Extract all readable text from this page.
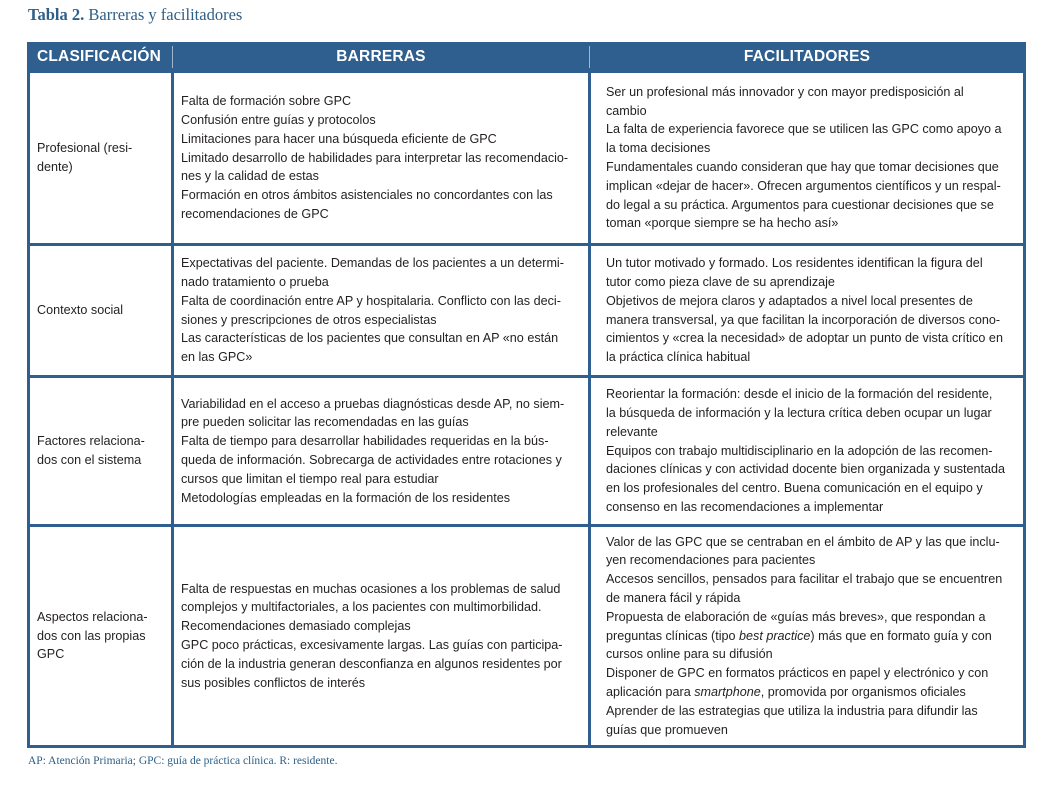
Tabla 2. Barreras y facilitadores
CLASIFICACIÓN	BARRERAS	FACILITADORES
Profesional (resi-
dente)
Falta de formación sobre GPC
Confusión entre guías y protocolos
Limitaciones para hacer una búsqueda eficiente de GPC
Limitado desarrollo de habilidades para interpretar las recomendacio-
nes y la calidad de estas
Formación en otros ámbitos asistenciales no concordantes con las
recomendaciones de GPC
Ser un profesional más innovador y con mayor predisposición al
cambio
La falta de experiencia favorece que se utilicen las GPC como apoyo a
la toma decisiones
Fundamentales cuando consideran que hay que tomar decisiones que
implican «dejar de hacer». Ofrecen argumentos científicos y un respal-
do legal a su práctica. Argumentos para cuestionar decisiones que se
toman «porque siempre se ha hecho así»
Contexto social
Expectativas del paciente. Demandas de los pacientes a un determi-
nado tratamiento o prueba
Falta de coordinación entre AP y hospitalaria. Conflicto con las deci-
siones y prescripciones de otros especialistas
Las características de los pacientes que consultan en AP «no están
en las GPC»
Un tutor motivado y formado. Los residentes identifican la figura del
tutor como pieza clave de su aprendizaje
Objetivos de mejora claros y adaptados a nivel local presentes de
manera transversal, ya que facilitan la incorporación de diversos cono-
cimientos y «crea la necesidad» de adoptar un punto de vista crítico en
la práctica clínica habitual
Factores relaciona-
dos con el sistema
Variabilidad en el acceso a pruebas diagnósticas desde AP, no siem-
pre pueden solicitar las recomendadas en las guías
Falta de tiempo para desarrollar habilidades requeridas en la bús-
queda de información. Sobrecarga de actividades entre rotaciones y
cursos que limitan el tiempo real para estudiar
Metodologías empleadas en la formación de los residentes
Reorientar la formación: desde el inicio de la formación del residente,
la búsqueda de información y la lectura crítica deben ocupar un lugar
relevante
Equipos con trabajo multidisciplinario en la adopción de las recomen-
daciones clínicas y con actividad docente bien organizada y sustentada
en los profesionales del centro. Buena comunicación en el equipo y
consenso en las recomendaciones a implementar
Aspectos relaciona-
dos con las propias
GPC
Falta de respuestas en muchas ocasiones a los problemas de salud
complejos y multifactoriales, a los pacientes con multimorbilidad.
Recomendaciones demasiado complejas
GPC poco prácticas, excesivamente largas. Las guías con participa-
ción de la industria generan desconfianza en algunos residentes por
sus posibles conflictos de interés
Valor de las GPC que se centraban en el ámbito de AP y las que inclu-
yen recomendaciones para pacientes
Accesos sencillos, pensados para facilitar el trabajo que se encuentren
de manera fácil y rápida
Propuesta de elaboración de «guías más breves», que respondan a
preguntas clínicas (tipo best practice) más que en formato guía y con
cursos online para su difusión
Disponer de GPC en formatos prácticos en papel y electrónico y con
aplicación para smartphone, promovida por organismos oficiales
Aprender de las estrategias que utiliza la industria para difundir las
guías que promueven
AP: Atención Primaria; GPC: guía de práctica clínica. R: residente.
